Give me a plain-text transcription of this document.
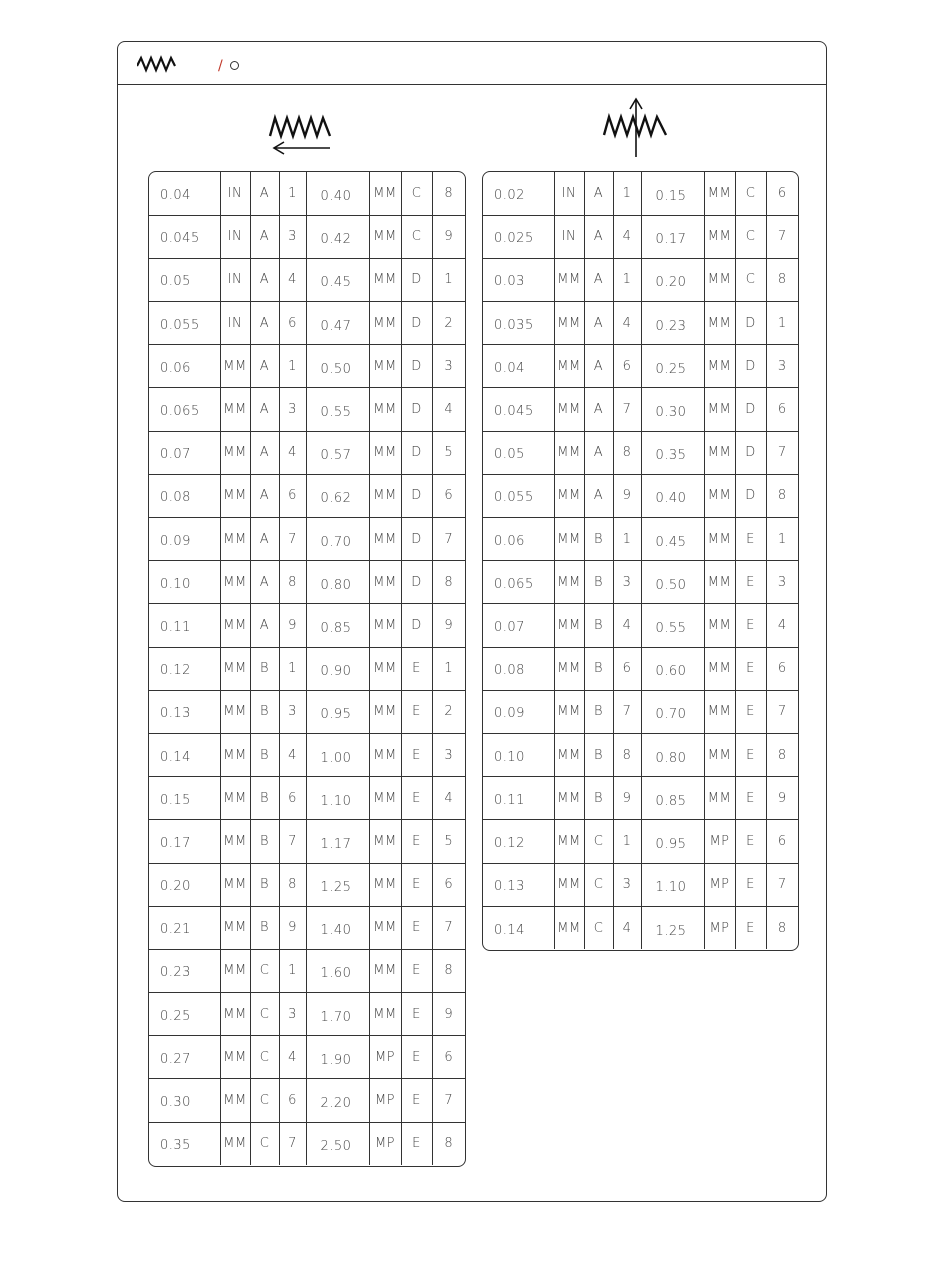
/
0.04	IN	A	1	0.40	MM	C	8
0.045	IN	A	3	0.42	MM	C	9
0.05	IN	A	4	0.45	MM	D	1
0.055	IN	A	6	0.47	MM	D	2
0.06	MM	A	1	0.50	MM	D	3
0.065	MM	A	3	0.55	MM	D	4
0.07	MM	A	4	0.57	MM	D	5
0.08	MM	A	6	0.62	MM	D	6
0.09	MM	A	7	0.70	MM	D	7
0.10	MM	A	8	0.80	MM	D	8
0.11	MM	A	9	0.85	MM	D	9
0.12	MM	B	1	0.90	MM	E	1
0.13	MM	B	3	0.95	MM	E	2
0.14	MM	B	4	1.00	MM	E	3
0.15	MM	B	6	1.10	MM	E	4
0.17	MM	B	7	1.17	MM	E	5
0.20	MM	B	8	1.25	MM	E	6
0.21	MM	B	9	1.40	MM	E	7
0.23	MM	C	1	1.60	MM	E	8
0.25	MM	C	3	1.70	MM	E	9
0.27	MM	C	4	1.90	MP	E	6
0.30	MM	C	6	2.20	MP	E	7
0.35	MM	C	7	2.50	MP	E	8
0.02	IN	A	1	0.15	MM	C	6
0.025	IN	A	4	0.17	MM	C	7
0.03	MM	A	1	0.20	MM	C	8
0.035	MM	A	4	0.23	MM	D	1
0.04	MM	A	6	0.25	MM	D	3
0.045	MM	A	7	0.30	MM	D	6
0.05	MM	A	8	0.35	MM	D	7
0.055	MM	A	9	0.40	MM	D	8
0.06	MM	B	1	0.45	MM	E	1
0.065	MM	B	3	0.50	MM	E	3
0.07	MM	B	4	0.55	MM	E	4
0.08	MM	B	6	0.60	MM	E	6
0.09	MM	B	7	0.70	MM	E	7
0.10	MM	B	8	0.80	MM	E	8
0.11	MM	B	9	0.85	MM	E	9
0.12	MM	C	1	0.95	MP	E	6
0.13	MM	C	3	1.10	MP	E	7
0.14	MM	C	4	1.25	MP	E	8
